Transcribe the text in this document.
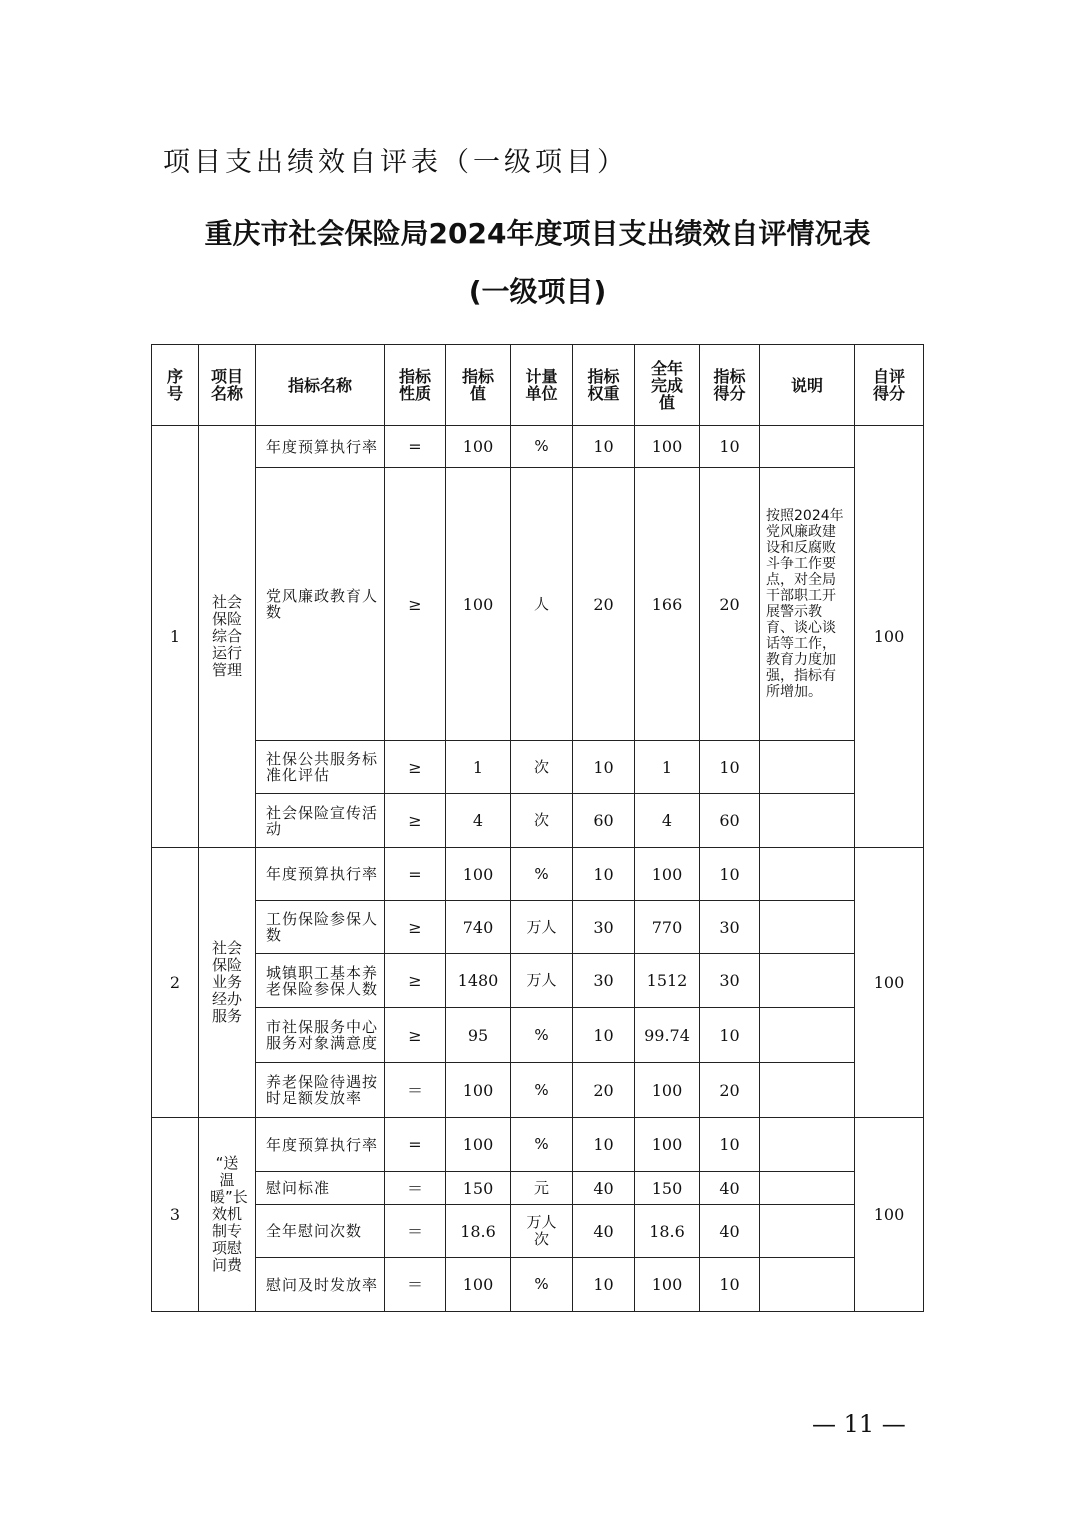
项目支出绩效自评表（一级项目）
重庆市社会保险局2024年度项目支出绩效自评情况表
(一级项目)
序号	项目名称	指标名称	指标性质	指标值	计量单位	指标权重	全年完成值	指标得分	说明	自评得分
1	社会保险综合运行管理	年度预算执行率	=	100	%	10	100	10		100
		党风廉政教育人数	≥	100	人	20	166	20	按照2024年党风廉政建设和反腐败斗争工作要点，对全局干部职工开展警示教育、谈心谈话等工作，教育力度加强，指标有所增加。	
		社保公共服务标准化评估	≥	1	次	10	1	10		
		社会保险宣传活动	≥	4	次	60	4	60		
2	社会保险业务经办服务	年度预算执行率	=	100	%	10	100	10		100
		工伤保险参保人数	≥	740	万人	30	770	30		
		城镇职工基本养老保险参保人数	≥	1480	万人	30	1512	30		
		市社保服务中心服务对象满意度	≥	95	%	10	99.74	10		
		养老保险待遇按时足额发放率	＝	100	%	20	100	20		
3	“送温暖”长效机制专项慰问费	年度预算执行率	=	100	%	10	100	10		100
		慰问标准	＝	150	元	40	150	40		
		全年慰问次数	＝	18.6	万人次	40	18.6	40		
		慰问及时发放率	＝	100	%	10	100	10		
— 11 —
